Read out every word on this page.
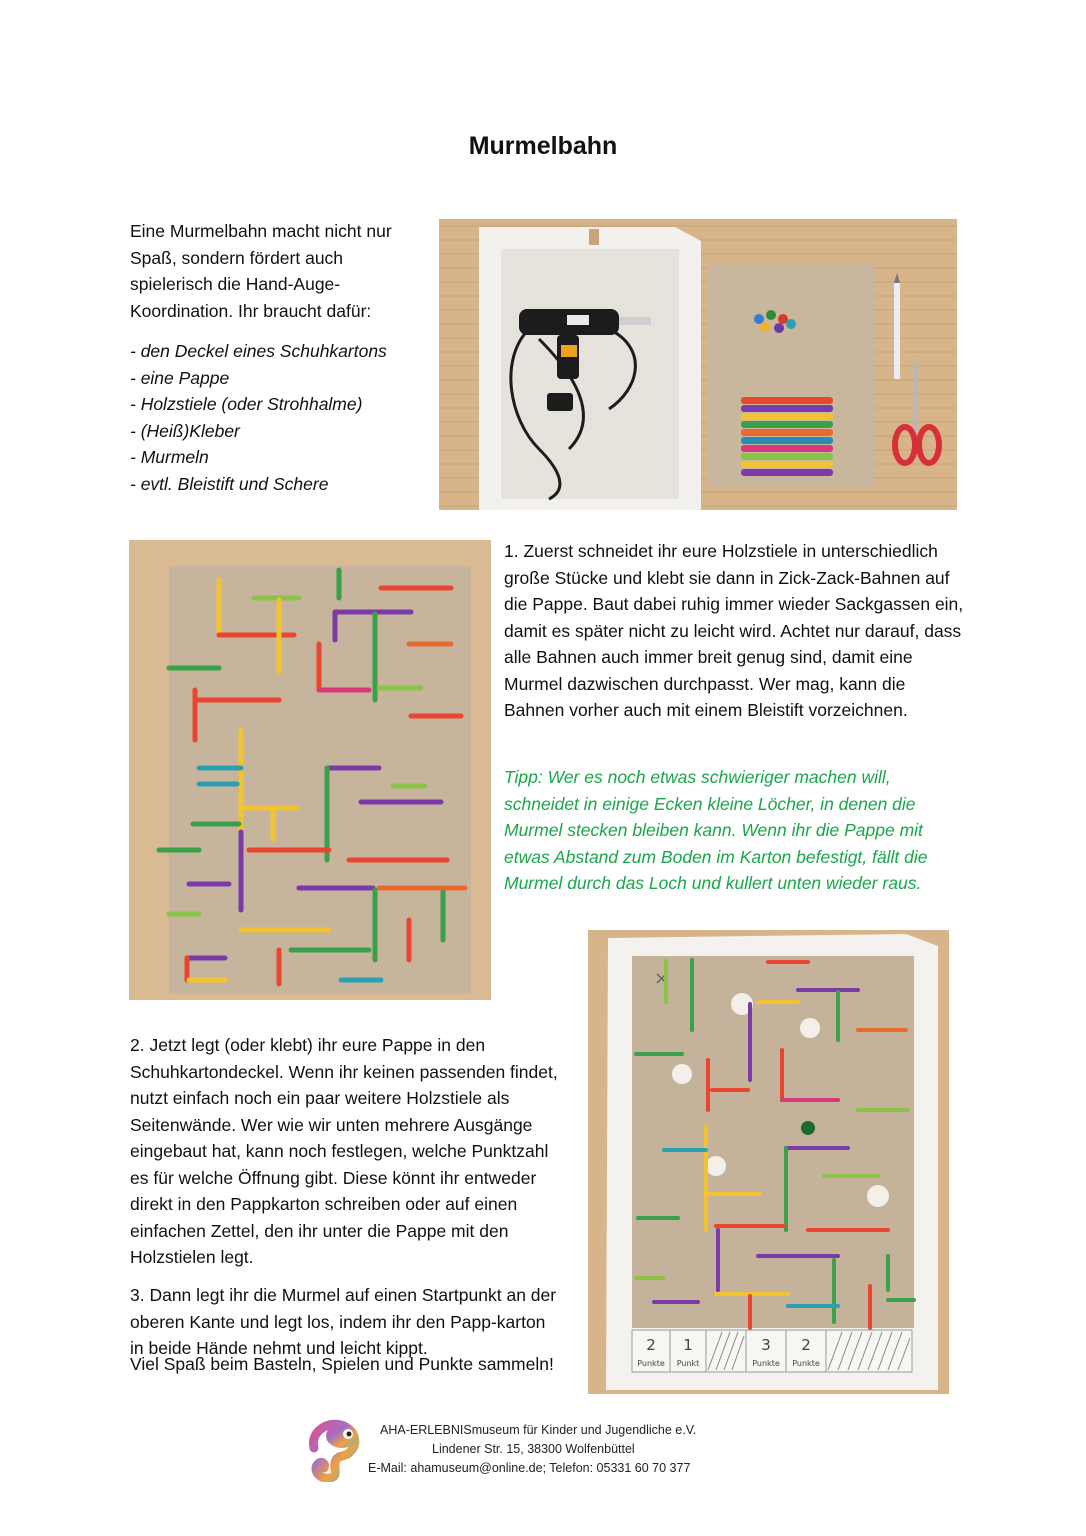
Murmelbahn

Eine Murmelbahn macht nicht nur Spaß, sondern fördert auch spielerisch die Hand-Auge-Koordination. Ihr braucht dafür:

- den Deckel eines Schuhkartons
- eine Pappe
- Holzstiele (oder Strohhalme)
- (Heiß)Kleber
- Murmeln
- evtl. Bleistift und Schere

1. Zuerst schneidet ihr eure Holzstiele in unterschiedlich große Stücke und klebt sie dann in Zick-Zack-Bahnen auf die Pappe. Baut dabei ruhig immer wieder Sackgassen ein, damit es später nicht zu leicht wird. Achtet nur darauf, dass alle Bahnen auch immer breit genug sind, damit eine Murmel dazwischen durchpasst. Wer mag, kann die Bahnen vorher auch mit einem Bleistift vorzeichnen.

Tipp: Wer es noch etwas schwieriger machen will, schneidet in einige Ecken kleine Löcher, in denen die Murmel stecken bleiben kann. Wenn ihr die Pappe mit etwas Abstand zum Boden im Karton befestigt, fällt die Murmel durch das Loch und kullert unten wieder raus.

×
2
Punkte
1
Punkt
3
Punkte
2
Punkte

2. Jetzt legt (oder klebt) ihr eure Pappe in den Schuhkartondeckel. Wenn ihr keinen passenden findet, nutzt einfach noch ein paar weitere Holzstiele als Seitenwände. Wer wie wir unten mehrere Ausgänge eingebaut hat, kann noch festlegen, welche Punktzahl es für welche Öffnung gibt. Diese könnt ihr entweder direkt in den Pappkarton schreiben oder auf einen einfachen Zettel, den ihr unter die Pappe mit den Holzstielen legt.

3. Dann legt ihr die Murmel auf einen Startpunkt an der oberen Kante und legt los, indem ihr den Papp-karton in beide Hände nehmt und leicht kippt.

Viel Spaß beim Basteln, Spielen und Punkte sammeln!

AHA-ERLEBNISmuseum für Kinder und Jugendliche e.V.
Lindener Str. 15, 38300 Wolfenbüttel
E-Mail: ahamuseum@online.de; Telefon: 05331 60 70 377
